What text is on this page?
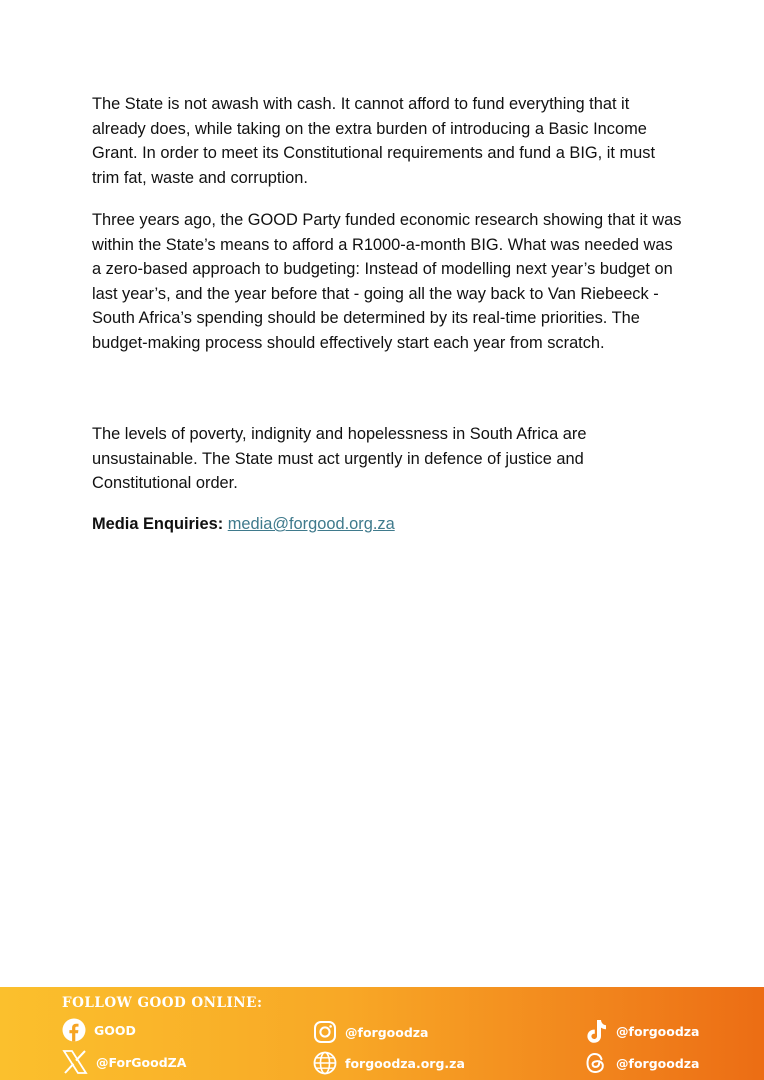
The State is not awash with cash. It cannot afford to fund everything that it already does, while taking on the extra burden of introducing a Basic Income Grant. In order to meet its Constitutional requirements and fund a BIG, it must trim fat, waste and corruption.

Three years ago, the GOOD Party funded economic research showing that it was within the State’s means to afford a R1000-a-month BIG. What was needed was a zero-based approach to budgeting: Instead of modelling next year’s budget on last year’s, and the year before that - going all the way back to Van Riebeeck - South Africa’s spending should be determined by its real-time priorities. The budget-making process should effectively start each year from scratch.

The levels of poverty, indignity and hopelessness in South Africa are unsustainable. The State must act urgently in defence of justice and Constitutional order.

Media Enquiries: media@forgood.org.za
FOLLOW GOOD ONLINE:
GOOD
@ForGoodZA
@forgoodza
forgoodza.org.za
@forgoodza
@forgoodza
